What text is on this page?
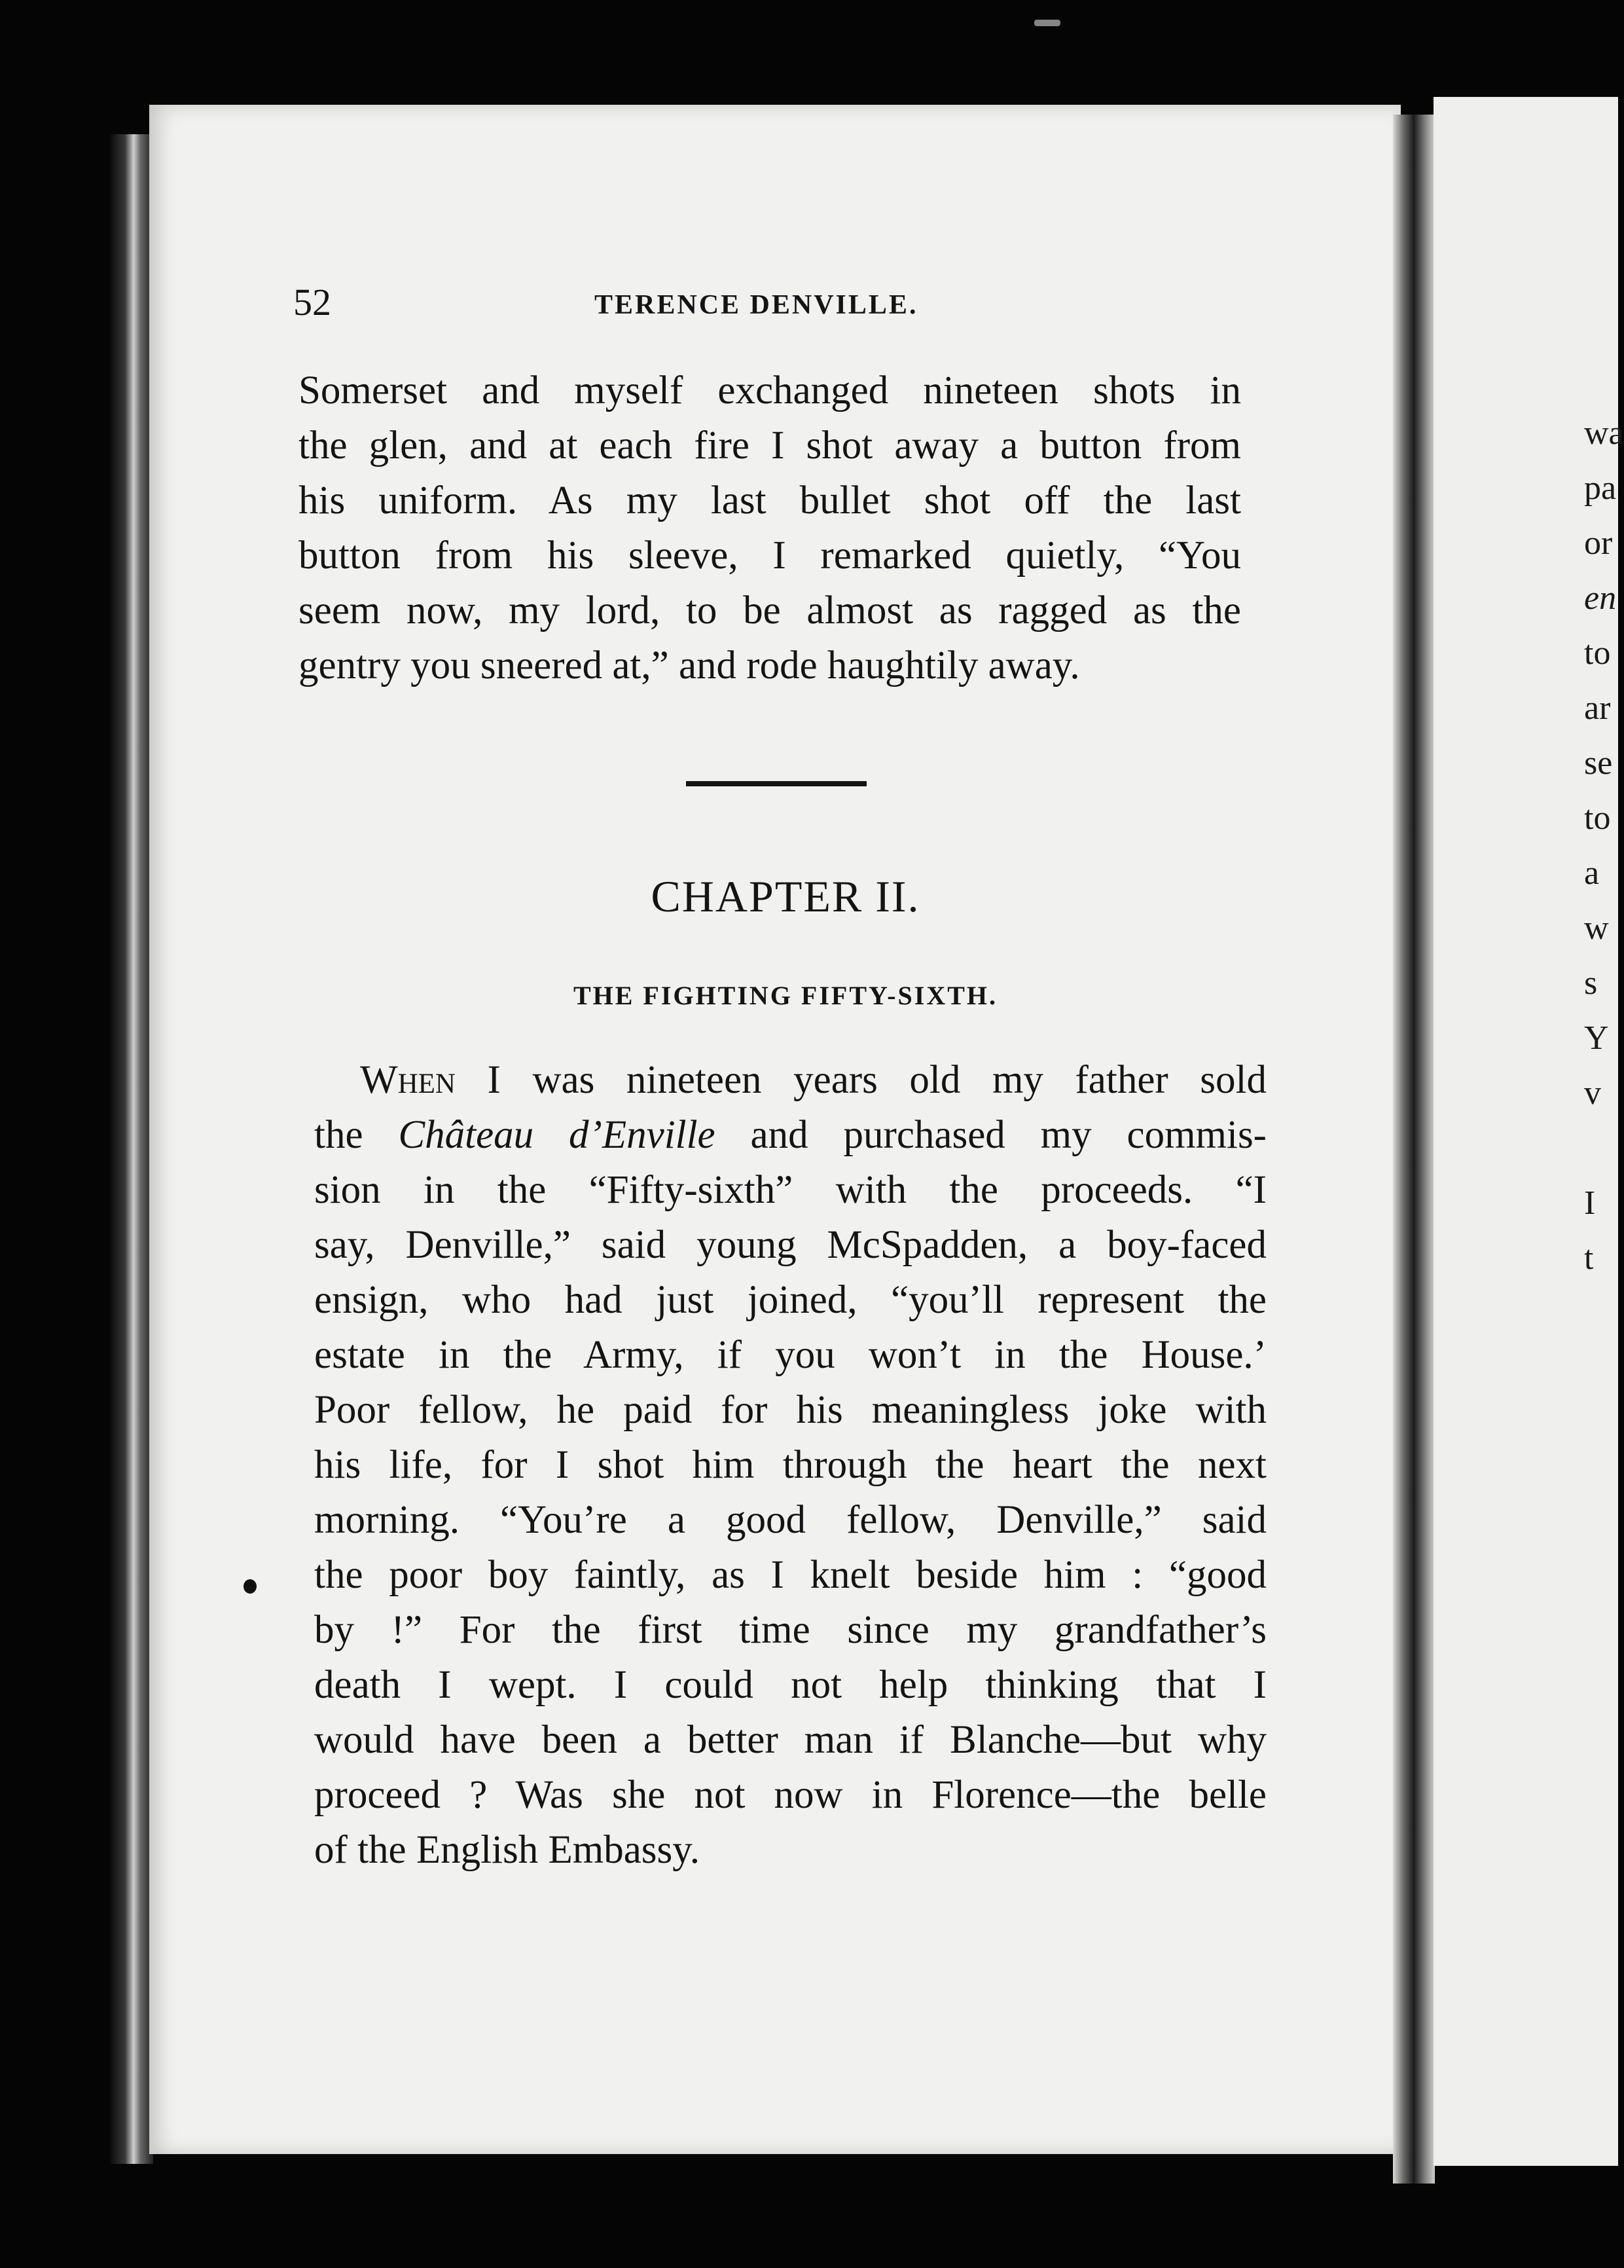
wa
pa
or
en
to
ar
se
to
a
w
s
Y
v

I
t
52	TERENCE DENVILLE.
Somerset and myself exchanged nineteen shots in
the glen, and at each fire I shot away a button from
his uniform. As my last bullet shot off the last
button from his sleeve, I remarked quietly, “You
seem now, my lord, to be almost as ragged as the
gentry you sneered at,” and rode haughtily away.
CHAPTER II.
THE FIGHTING FIFTY-SIXTH.
When I was nineteen years old my father sold
the Château d’Enville and purchased my commis-
sion in the “Fifty-sixth” with the proceeds. “I
say, Denville,” said young McSpadden, a boy-faced
ensign, who had just joined, “you’ll represent the
estate in the Army, if you won’t in the House.’
Poor fellow, he paid for his meaningless joke with
his life, for I shot him through the heart the next
morning. “You’re a good fellow, Denville,” said
the poor boy faintly, as I knelt beside him : “good
by !” For the first time since my grandfather’s
death I wept. I could not help thinking that I
would have been a better man if Blanche—but why
proceed ? Was she not now in Florence—the belle
of the English Embassy.
